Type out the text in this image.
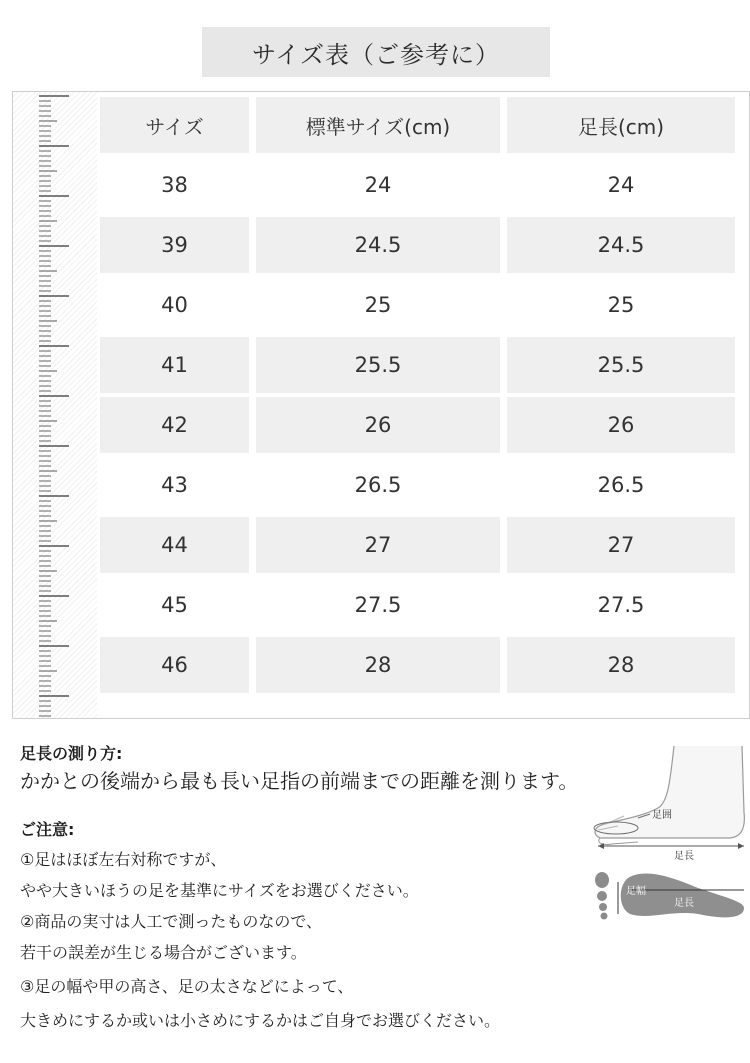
サイズ表（ご参考に）
サイズ	標準サイズ(cm)	足長(cm)
38	24	24
39	24.5	24.5
40	25	25
41	25.5	25.5
42	26	26
43	26.5	26.5
44	27	27
45	27.5	27.5
46	28	28
足長の測り方:
かかとの後端から最も長い足指の前端までの距離を測ります。
ご注意:
①足はほぼ左右対称ですが、
やや大きいほうの足を基準にサイズをお選びください。
②商品の実寸は人工で測ったものなので、
若干の誤差が生じる場合がございます。
③足の幅や甲の高さ、足の太さなどによって、
大きめにするか或いは小さめにするかはご自身でお選びください。
足囲
足長
足幅
足長
